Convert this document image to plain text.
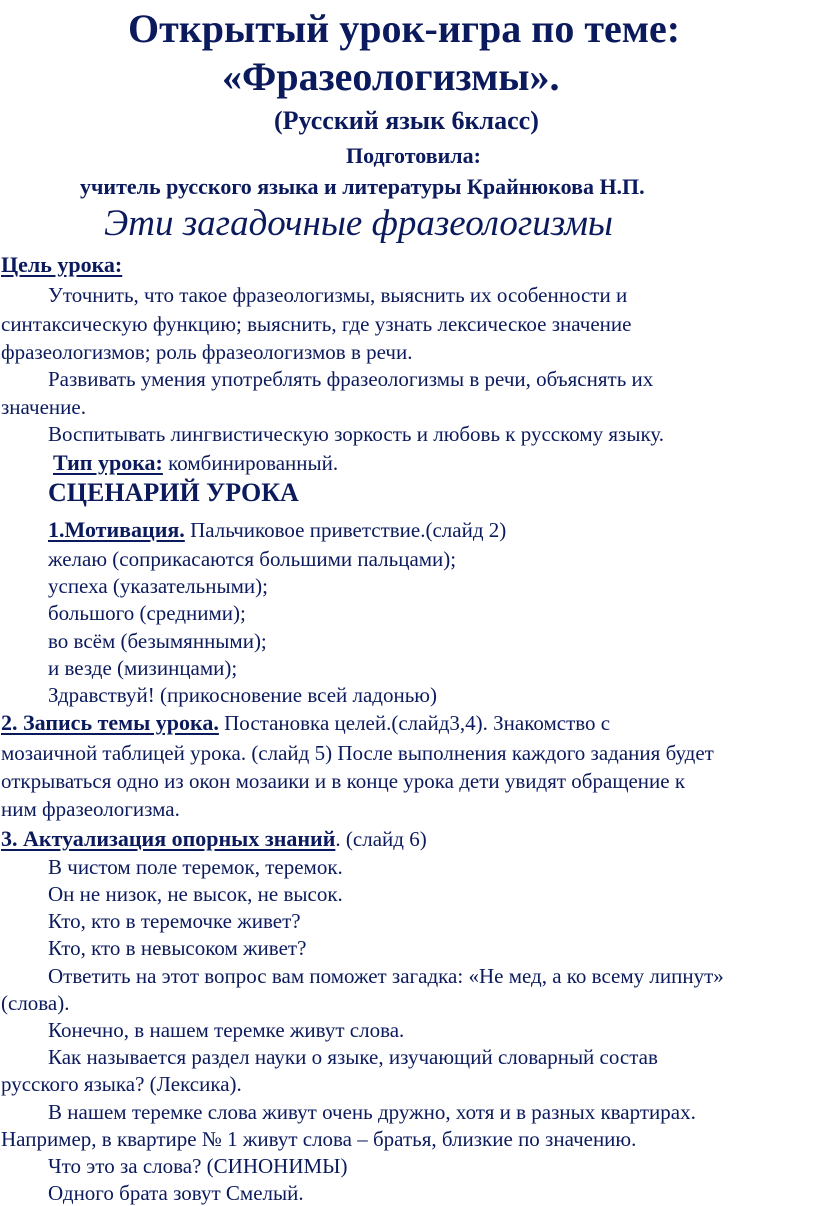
Открытый урок-игра по теме:
«Фразеологизмы».
(Русский язык 6класс)
Подготовила:
учитель русского языка и литературы Крайнюкова Н.П.
Эти загадочные фразеологизмы
Цель урока:
Уточнить, что такое фразеологизмы, выяснить их особенности и
синтаксическую функцию; выяснить, где узнать лексическое значение
фразеологизмов; роль фразеологизмов в речи.
Развивать умения употреблять фразеологизмы в речи, объяснять их
значение.
Воспитывать лингвистическую зоркость и любовь к русскому языку.
Тип урока: комбинированный.
СЦЕНАРИЙ УРОКА
1.Мотивация. Пальчиковое приветствие.(слайд 2)
желаю (соприкасаются большими пальцами);
успеха (указательными);
большого (средними);
во всём (безымянными);
и везде (мизинцами);
Здравствуй! (прикосновение всей ладонью)
2. Запись темы урока. Постановка целей.(слайд3,4). Знакомство с
мозаичной таблицей урока. (слайд 5) После выполнения каждого задания будет
открываться одно из окон мозаики и в конце урока дети увидят обращение к
ним фразеологизма.
3. Актуализация опорных знаний. (слайд 6)
В чистом поле теремок, теремок.
Он не низок, не высок, не высок.
Кто, кто в теремочке живет?
Кто, кто в невысоком живет?
Ответить на этот вопрос вам поможет загадка: «Не мед, а ко всему липнут»
(слова).
Конечно, в нашем теремке живут слова.
Как называется раздел науки о языке, изучающий словарный состав
русского языка? (Лексика).
В нашем теремке слова живут очень дружно, хотя и в разных квартирах.
Например, в квартире № 1 живут слова – братья, близкие по значению.
Что это за слова? (СИНОНИМЫ)
Одного брата зовут Смелый.
